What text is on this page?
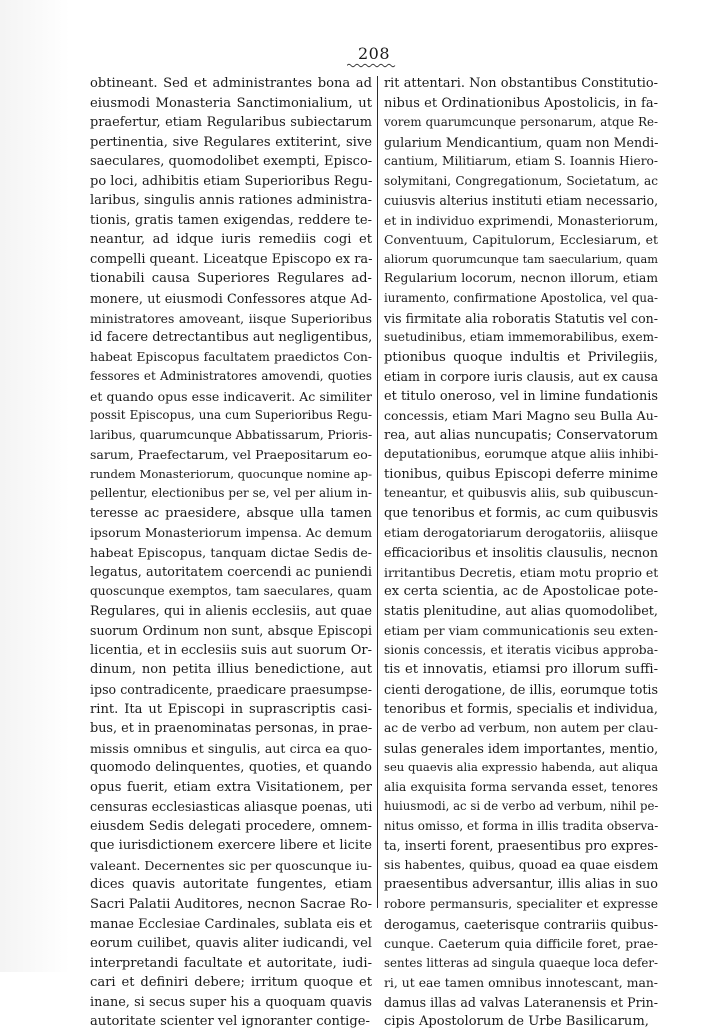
208
obtineant. Sed et administrantes bona ad
eiusmodi Monasteria Sanctimonialium, ut
praefertur, etiam Regularibus subiectarum
pertinentia, sive Regulares extiterint, sive
saeculares, quomodolibet exempti, Episco-
po loci, adhibitis etiam Superioribus Regu-
laribus, singulis annis rationes administra-
tionis, gratis tamen exigendas, reddere te-
neantur, ad idque iuris remediis cogi et
compelli queant. Liceatque Episcopo ex ra-
tionabili causa Superiores Regulares ad-
monere, ut eiusmodi Confessores atque Ad-
ministratores amoveant, iisque Superioribus
id facere detrectantibus aut negligentibus,
habeat Episcopus facultatem praedictos Con-
fessores et Administratores amovendi, quoties
et quando opus esse indicaverit. Ac similiter
possit Episcopus, una cum Superioribus Regu-
laribus, quarumcunque Abbatissarum, Prioris-
sarum, Praefectarum, vel Praepositarum eo-
rundem Monasteriorum, quocunque nomine ap-
pellentur, electionibus per se, vel per alium in-
teresse ac praesidere, absque ulla tamen
ipsorum Monasteriorum impensa. Ac demum
habeat Episcopus, tanquam dictae Sedis de-
legatus, autoritatem coercendi ac puniendi
quoscunque exemptos, tam saeculares, quam
Regulares, qui in alienis ecclesiis, aut quae
suorum Ordinum non sunt, absque Episcopi
licentia, et in ecclesiis suis aut suorum Or-
dinum, non petita illius benedictione, aut
ipso contradicente, praedicare praesumpse-
rint. Ita ut Episcopi in suprascriptis casi-
bus, et in praenominatas personas, in prae-
missis omnibus et singulis, aut circa ea quo-
quomodo delinquentes, quoties, et quando
opus fuerit, etiam extra Visitationem, per
censuras ecclesiasticas aliasque poenas, uti
eiusdem Sedis delegati procedere, omnem-
que iurisdictionem exercere libere et licite
valeant. Decernentes sic per quoscunque iu-
dices quavis autoritate fungentes, etiam
Sacri Palatii Auditores, necnon Sacrae Ro-
manae Ecclesiae Cardinales, sublata eis et
eorum cuilibet, quavis aliter iudicandi, vel
interpretandi facultate et autoritate, iudi-
cari et definiri debere; irritum quoque et
inane, si secus super his a quoquam quavis
autoritate scienter vel ignoranter contige-
rit attentari. Non obstantibus Constitutio-
nibus et Ordinationibus Apostolicis, in fa-
vorem quarumcunque personarum, atque Re-
gularium Mendicantium, quam non Mendi-
cantium, Militiarum, etiam S. Ioannis Hiero-
solymitani, Congregationum, Societatum, ac
cuiusvis alterius instituti etiam necessario,
et in individuo exprimendi, Monasteriorum,
Conventuum, Capitulorum, Ecclesiarum, et
aliorum quorumcunque tam saecularium, quam
Regularium locorum, necnon illorum, etiam
iuramento, confirmatione Apostolica, vel qua-
vis firmitate alia roboratis Statutis vel con-
suetudinibus, etiam immemorabilibus, exem-
ptionibus quoque indultis et Privilegiis,
etiam in corpore iuris clausis, aut ex causa
et titulo oneroso, vel in limine fundationis
concessis, etiam Mari Magno seu Bulla Au-
rea, aut alias nuncupatis; Conservatorum
deputationibus, eorumque atque aliis inhibi-
tionibus, quibus Episcopi deferre minime
teneantur, et quibusvis aliis, sub quibuscun-
que tenoribus et formis, ac cum quibusvis
etiam derogatoriarum derogatoriis, aliisque
efficacioribus et insolitis clausulis, necnon
irritantibus Decretis, etiam motu proprio et
ex certa scientia, ac de Apostolicae pote-
statis plenitudine, aut alias quomodolibet,
etiam per viam communicationis seu exten-
sionis concessis, et iteratis vicibus approba-
tis et innovatis, etiamsi pro illorum suffi-
cienti derogatione, de illis, eorumque totis
tenoribus et formis, specialis et individua,
ac de verbo ad verbum, non autem per clau-
sulas generales idem importantes, mentio,
seu quaevis alia expressio habenda, aut aliqua
alia exquisita forma servanda esset, tenores
huiusmodi, ac si de verbo ad verbum, nihil pe-
nitus omisso, et forma in illis tradita observa-
ta, inserti forent, praesentibus pro expres-
sis habentes, quibus, quoad ea quae eisdem
praesentibus adversantur, illis alias in suo
robore permansuris, specialiter et expresse
derogamus, caeterisque contrariis quibus-
cunque. Caeterum quia difficile foret, prae-
sentes litteras ad singula quaeque loca defer-
ri, ut eae tamen omnibus innotescant, man-
damus illas ad valvas Lateranensis et Prin-
cipis Apostolorum de Urbe Basilicarum,
